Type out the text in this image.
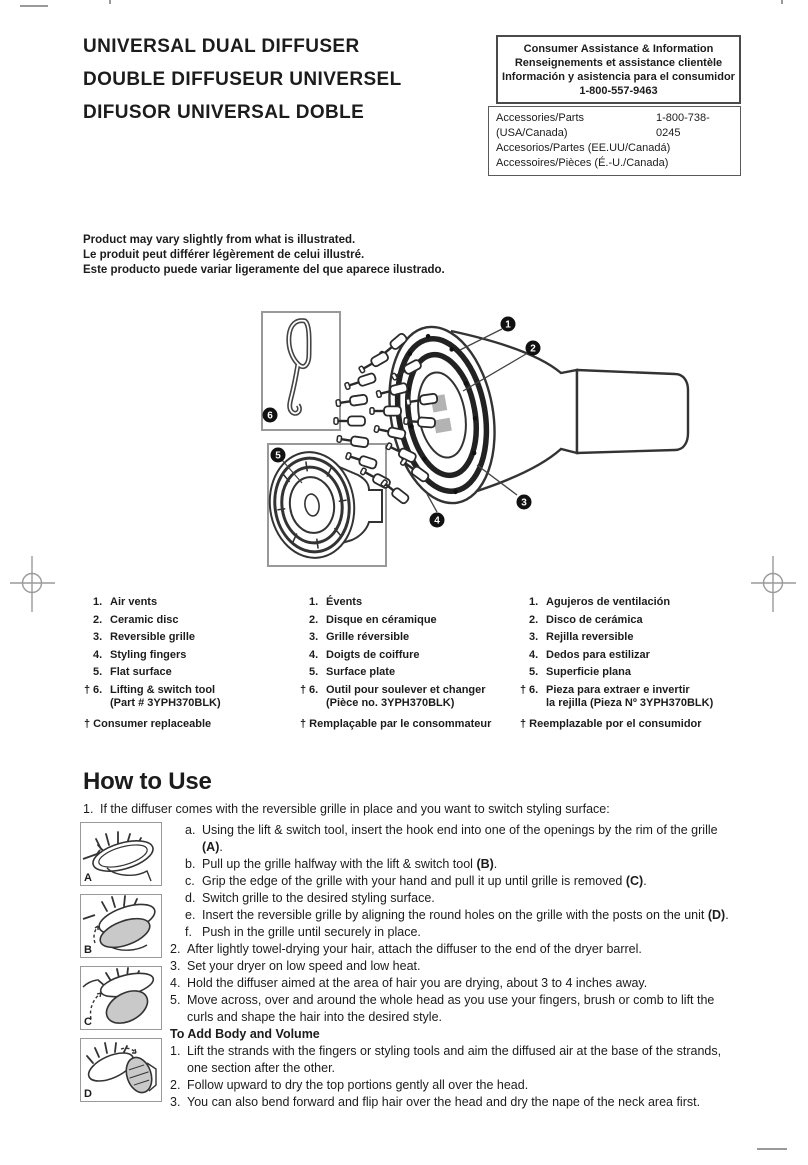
UNIVERSAL DUAL DIFFUSER
DOUBLE DIFFUSEUR UNIVERSEL
DIFUSOR UNIVERSAL DOBLE
Consumer Assistance & Information
Renseignements et assistance clientèle
Información y asistencia para el consumidor
1-800-557-9463
Accessories/Parts (USA/Canada)
1-800-738-0245
Accesorios/Partes (EE.UU/Canadá)
Accessoires/Pièces (É.-U./Canada)
Product may vary slightly from what is illustrated.
Le produit peut différer légèrement de celui illustré.
Este producto puede variar ligeramente del que aparece ilustrado.
6
5
1
2
3
4
1. Air vents
2. Ceramic disc
3. Reversible grille
4. Styling fingers
5. Flat surface
† 6. Lifting & switch tool
(Part # 3YPH370BLK)
† Consumer replaceable
1. Évents
2. Disque en céramique
3. Grille réversible
4. Doigts de coiffure
5. Surface plate
† 6. Outil pour soulever et changer
(Pièce no. 3YPH370BLK)
† Remplaçable par le consommateur
1. Agujeros de ventilación
2. Disco de cerámica
3. Rejilla reversible
4. Dedos para estilizar
5. Superficie plana
† 6. Pieza para extraer e invertir
la rejilla (Pieza Nº 3YPH370BLK)
† Reemplazable por el consumidor
How to Use
1. If the diffuser comes with the reversible grille in place and you want to switch styling surface:
A
B
C
D
a. Using the lift & switch tool, insert the hook end into one of the openings by the rim of the grille (A).
b. Pull up the grille halfway with the lift & switch tool (B).
c. Grip the edge of the grille with your hand and pull it up until grille is removed (C).
d. Switch grille to the desired styling surface.
e. Insert the reversible grille by aligning the round holes on the grille with the posts on the unit (D).
f. Push in the grille until securely in place.
2. After lightly towel-drying your hair, attach the diffuser to the end of the dryer barrel.
3. Set your dryer on low speed and low heat.
4. Hold the diffuser aimed at the area of hair you are drying, about 3 to 4 inches away.
5. Move across, over and around the whole head as you use your fingers, brush or comb to lift the curls and shape the hair into the desired style.
To Add Body and Volume
1. Lift the strands with the fingers or styling tools and aim the diffused air at the base of the strands, one section after the other.
2. Follow upward to dry the top portions gently all over the head.
3. You can also bend forward and flip hair over the head and dry the nape of the neck area first.
